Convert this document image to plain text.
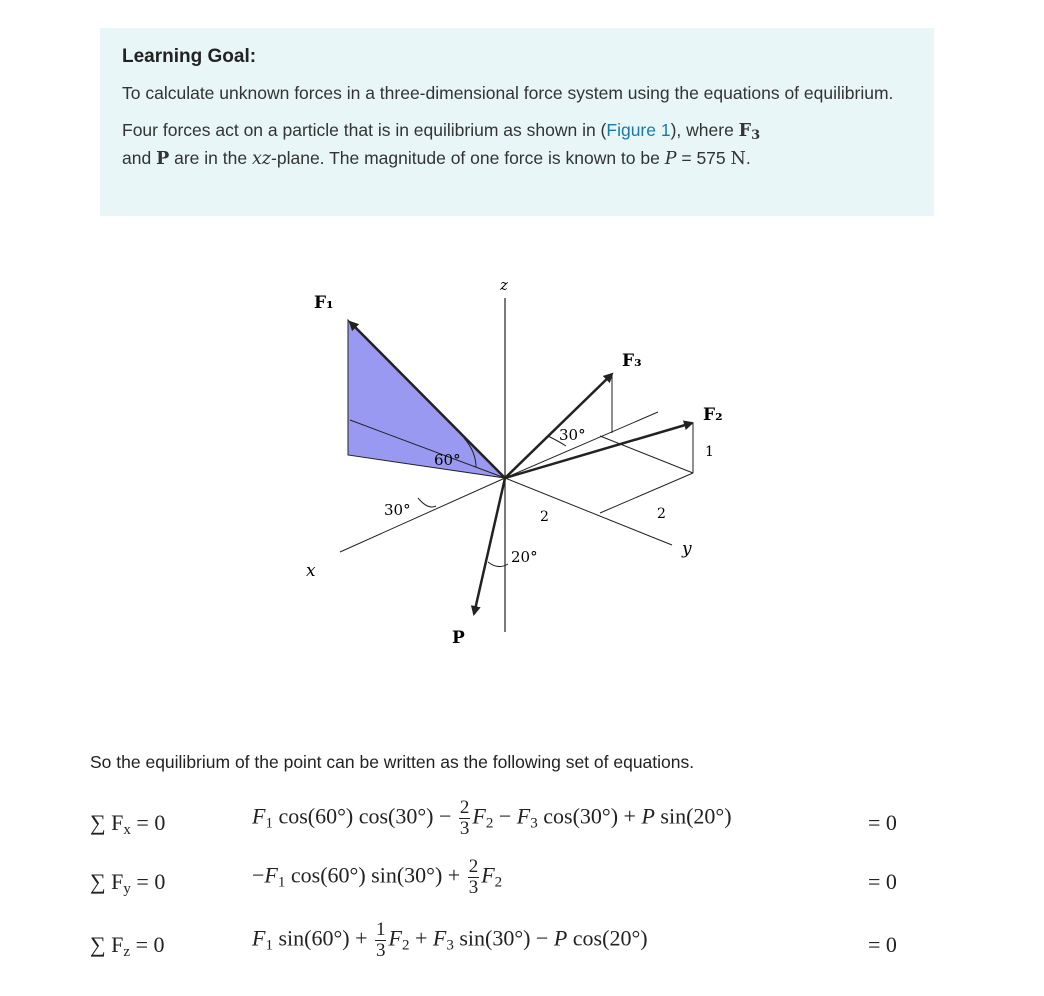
Learning Goal:

To calculate unknown forces in a three-dimensional force system using the equations of equilibrium.

Four forces act on a particle that is in equilibrium as shown in (Figure 1), where $F_3$
and P are in the xz-plane. The magnitude of one force is known to be P = 575 N.

z
x
y
F₁
F₃
F₂
P
60°
30°
30°
20°
2	2
1
So the equilibrium of the point can be written as the following set of equations.
∑ Fx = 0	F1 cos(60°) $\cos(30^\circ) - \frac{2}{3} F2 - F3$ cos(30°) + P sin(20°)	= 0
∑ Fy = 0	−F1 cos(60°) $\sin(30^\circ) + \frac{2}{3} F2$	= 0
∑ Fz = 0	F1 $\sin(60^\circ) + \frac{1}{3} F2 + F3$ sin(30°) − P cos(20°)	= 0
